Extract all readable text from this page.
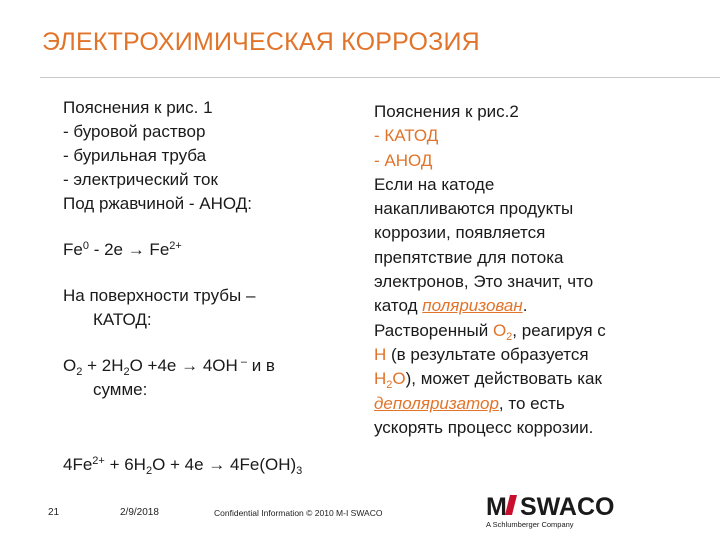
ЭЛЕКТРОХИМИЧЕСКАЯ КОРРОЗИЯ
Пояснения к рис. 1
- буровой раствор
- бурильная труба
- электрический ток
Под ржавчиной - АНОД:
$Fe^0 - 2e \to Fe^{2+}$
На поверхности трубы –
КАТОД:
$O_2 + 2H_2O +4e \to 4OH$ – и в
сумме:
$4Fe^{2+} + 6H_2O + 4e \to 4Fe(OH)_3$
Пояснения к рис.2
- КАТОД
- АНОД
Если на катоде
накапливаются продукты
коррозии, появляется
препятствие для потока
электронов, Это значит, что
катод поляризован.
Растворенный $O_2$, реагируя с
H (в результате образуется
$H_2O$), может действовать как
деполяризатор, то есть
ускорять процесс коррозии.
21	2/9/2018	Confidential Information © 2010 M-I SWACO	M SWACO
A Schlumberger Company
